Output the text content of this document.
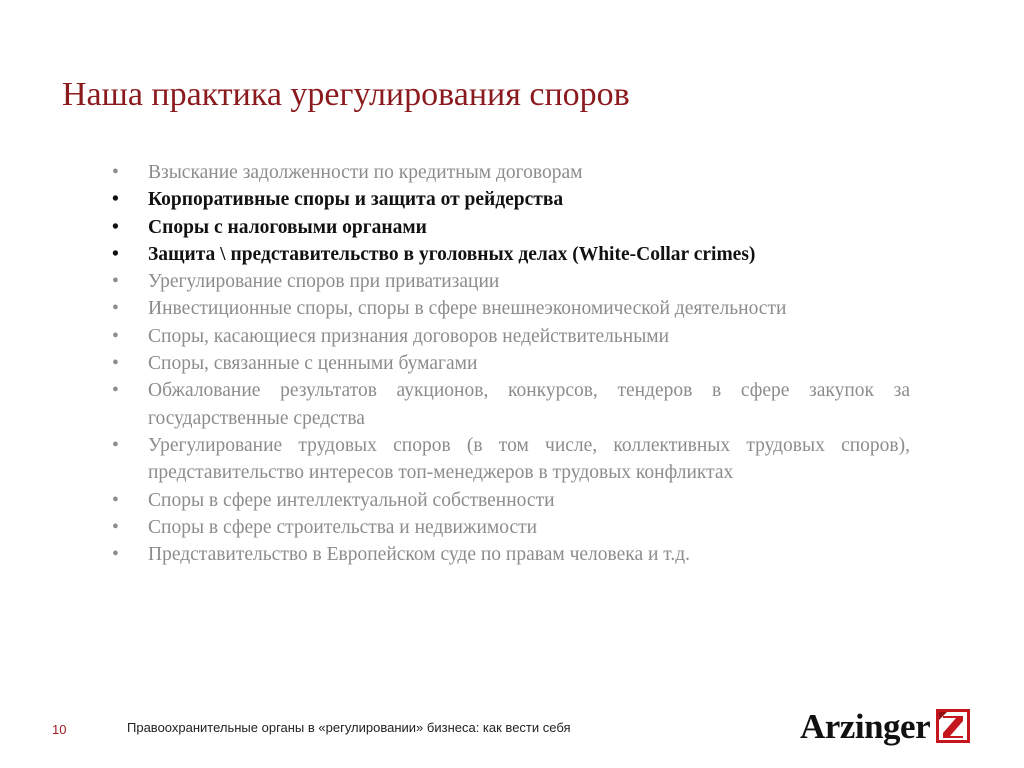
Наша практика урегулирования споров
•	Взыскание задолженности по кредитным договорам
•	Корпоративные споры и защита от рейдерства
•	Споры с налоговыми органами
•	Защита \ представительство в уголовных делах (White-Collar crimes)
•	Урегулирование споров при приватизации
•	Инвестиционные споры, споры в сфере внешнеэкономической деятельности
•	Споры, касающиеся признания договоров недействительными
•	Споры, связанные с ценными бумагами
•	Обжалование результатов аукционов, конкурсов, тендеров в сфере закупок за государственные средства
•	Урегулирование трудовых споров (в том числе, коллективных трудовых споров), представительство интересов топ-менеджеров в трудовых конфликтах
•	Споры в сфере интеллектуальной собственности
•	Споры в сфере строительства и недвижимости
•	Представительство в Европейском суде по правам человека и т.д.
10	Правоохранительные органы в «регулировании» бизнеса: как вести себя	Arzinger
